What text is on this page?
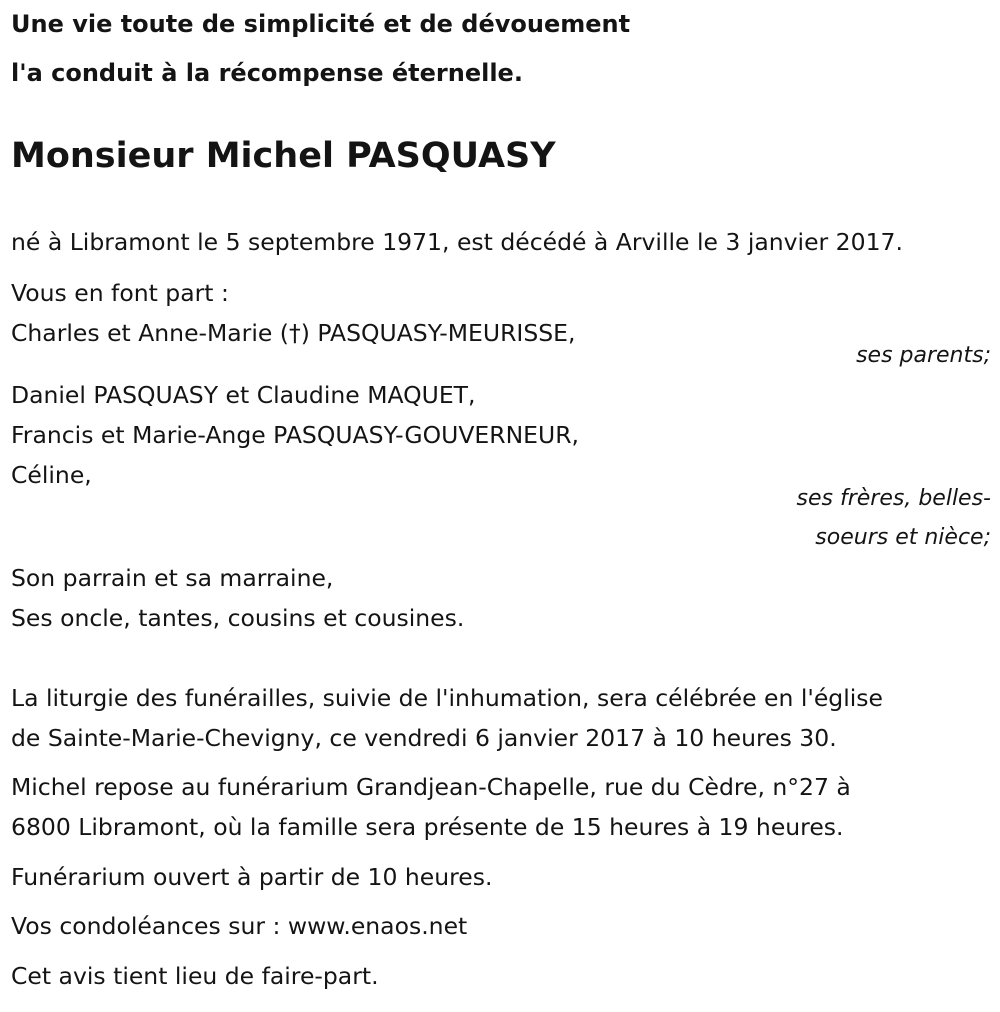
Une vie toute de simplicité et de dévouement
l'a conduit à la récompense éternelle.
Monsieur Michel PASQUASY
né à Libramont le 5 septembre 1971, est décédé à Arville le 3 janvier 2017.
Vous en font part :
Charles et Anne-Marie (†) PASQUASY-MEURISSE,
ses parents;
Daniel PASQUASY et Claudine MAQUET,
Francis et Marie-Ange PASQUASY-GOUVERNEUR,
Céline,
ses frères, belles-
soeurs et nièce;
Son parrain et sa marraine,
Ses oncle, tantes, cousins et cousines.
La liturgie des funérailles, suivie de l'inhumation, sera célébrée en l'église
de Sainte-Marie-Chevigny, ce vendredi 6 janvier 2017 à 10 heures 30.
Michel repose au funérarium Grandjean-Chapelle, rue du Cèdre, n°27 à
6800 Libramont, où la famille sera présente de 15 heures à 19 heures.
Funérarium ouvert à partir de 10 heures.
Vos condoléances sur : www.enaos.net
Cet avis tient lieu de faire-part.
